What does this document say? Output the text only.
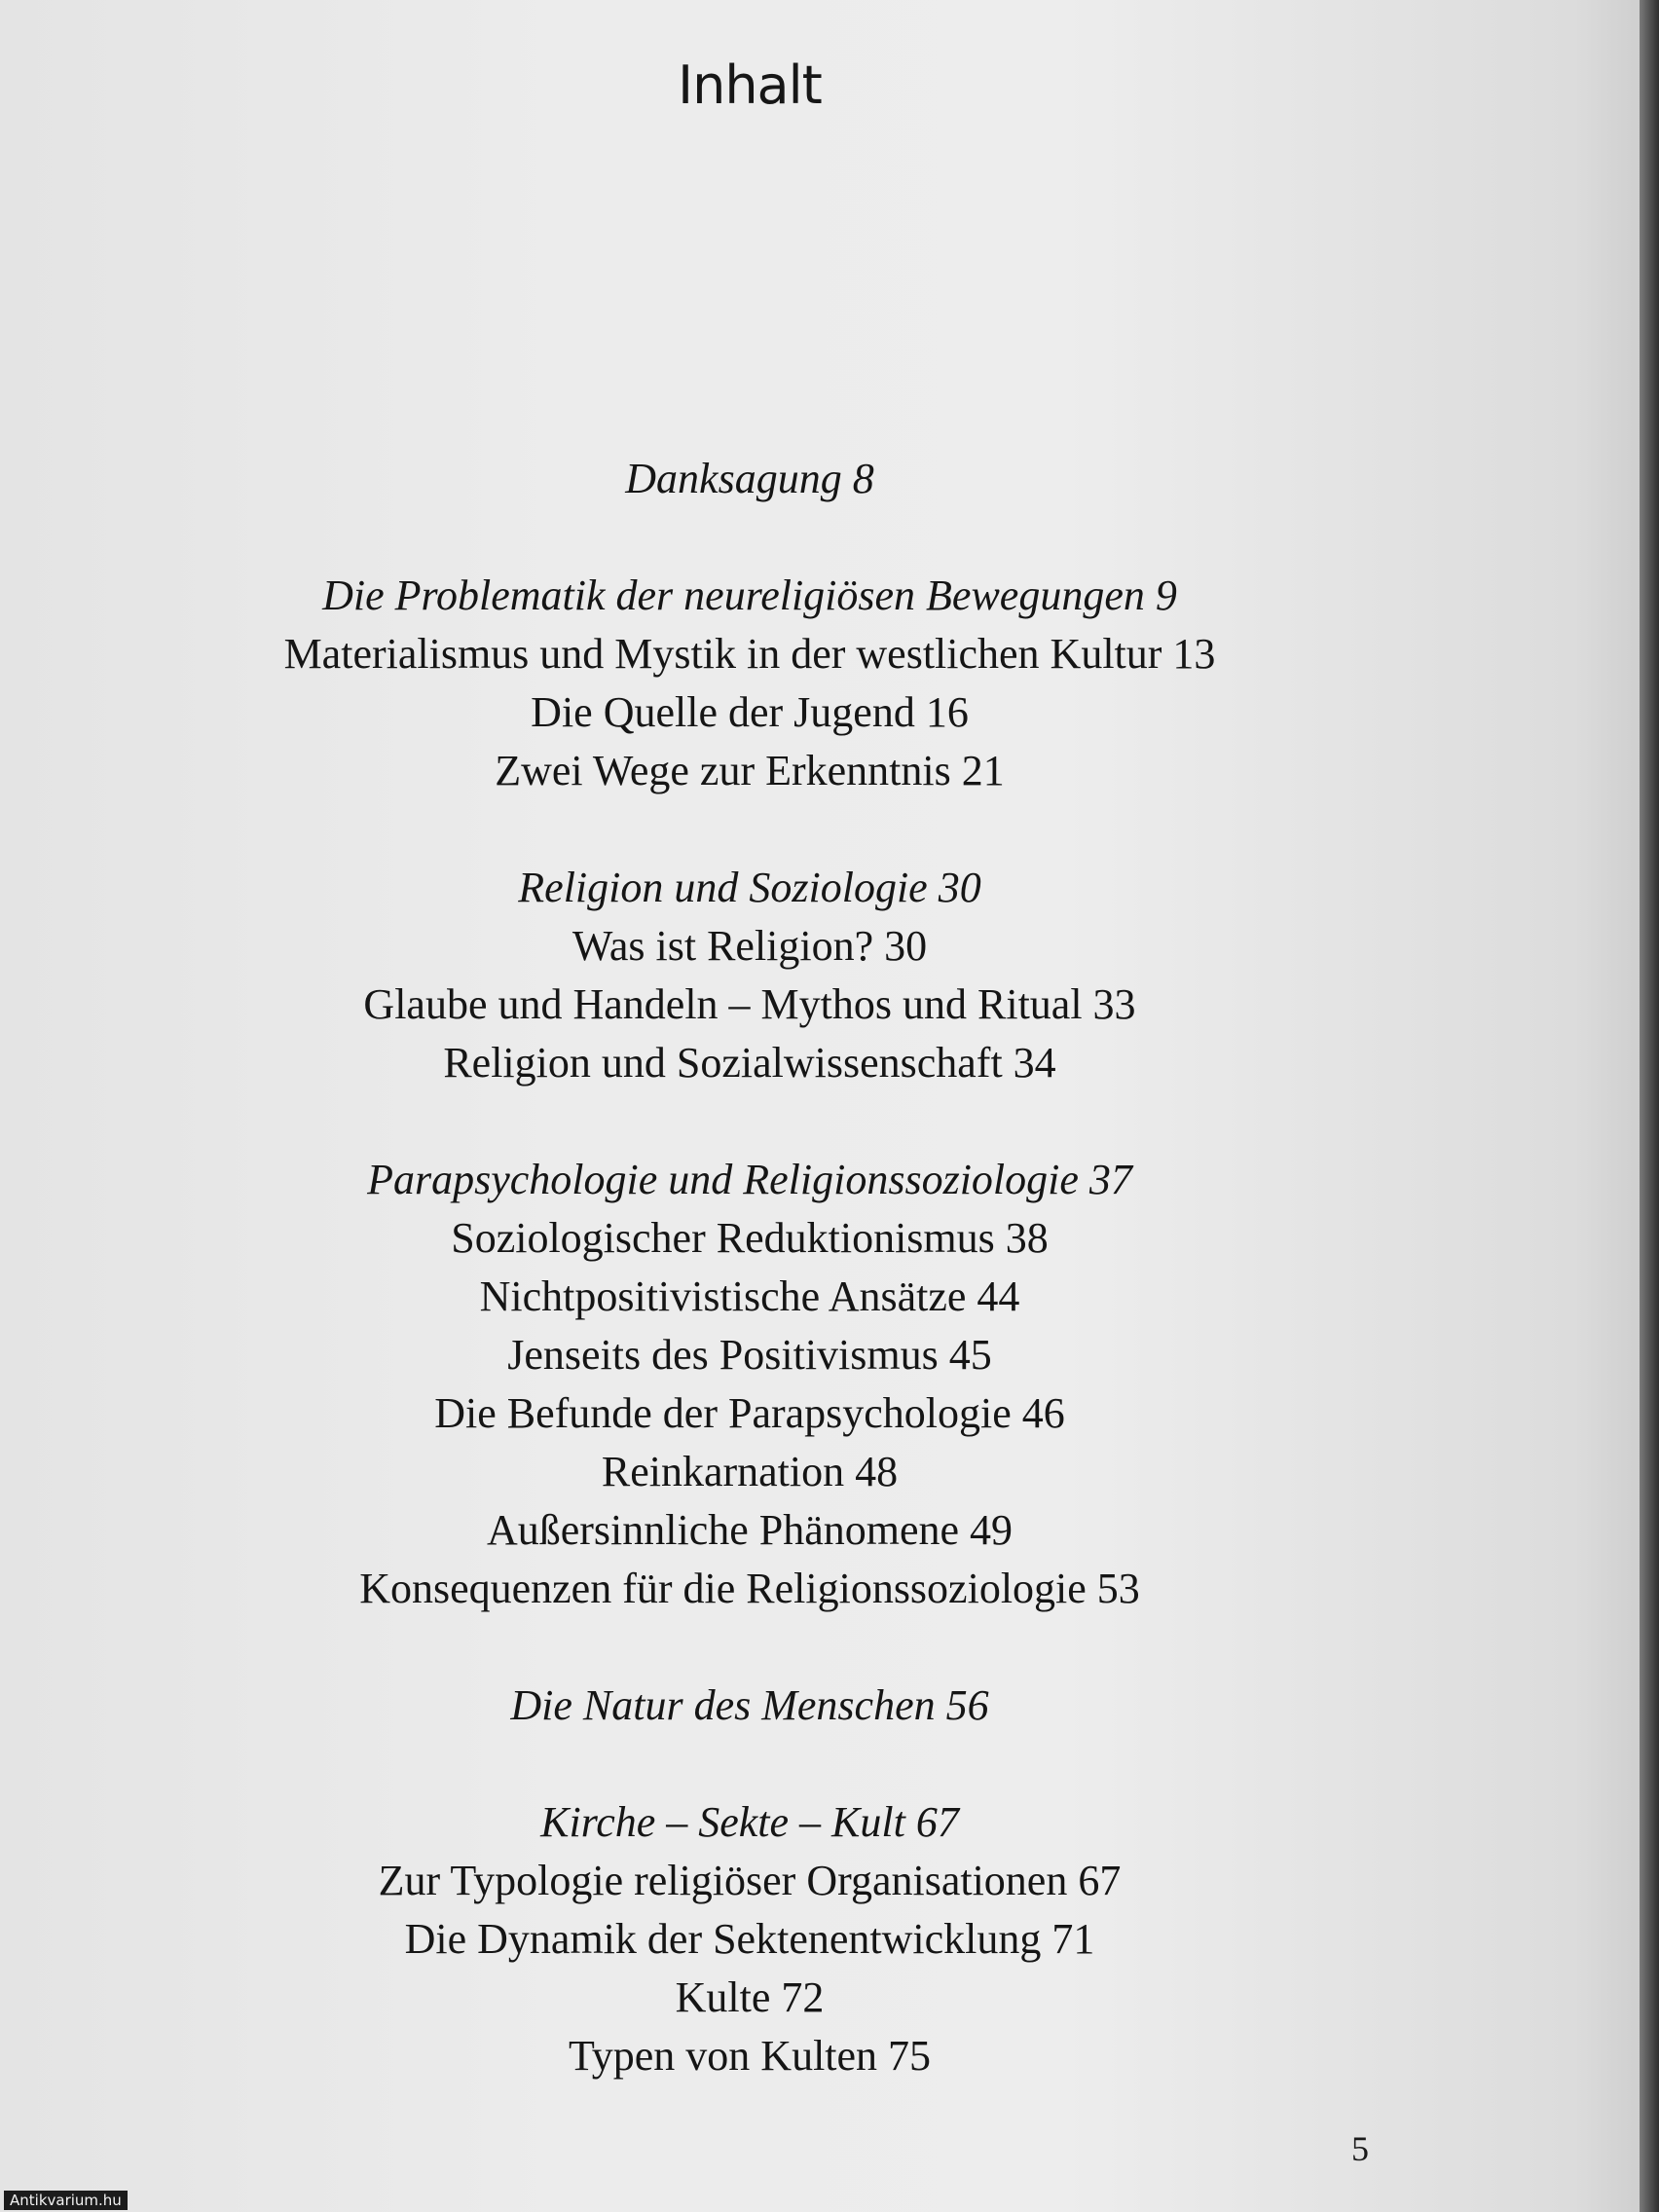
Inhalt
Danksagung 8
Die Problematik der neureligiösen Bewegungen 9
Materialismus und Mystik in der westlichen Kultur 13
Die Quelle der Jugend 16
Zwei Wege zur Erkenntnis 21
Religion und Soziologie 30
Was ist Religion? 30
Glaube und Handeln – Mythos und Ritual 33
Religion und Sozialwissenschaft 34
Parapsychologie und Religionssoziologie 37
Soziologischer Reduktionismus 38
Nichtpositivistische Ansätze 44
Jenseits des Positivismus 45
Die Befunde der Parapsychologie 46
Reinkarnation 48
Außersinnliche Phänomene 49
Konsequenzen für die Religionssoziologie 53
Die Natur des Menschen 56
Kirche – Sekte – Kult 67
Zur Typologie religiöser Organisationen 67
Die Dynamik der Sektenentwicklung 71
Kulte 72
Typen von Kulten 75
5
Antikvarium.hu
